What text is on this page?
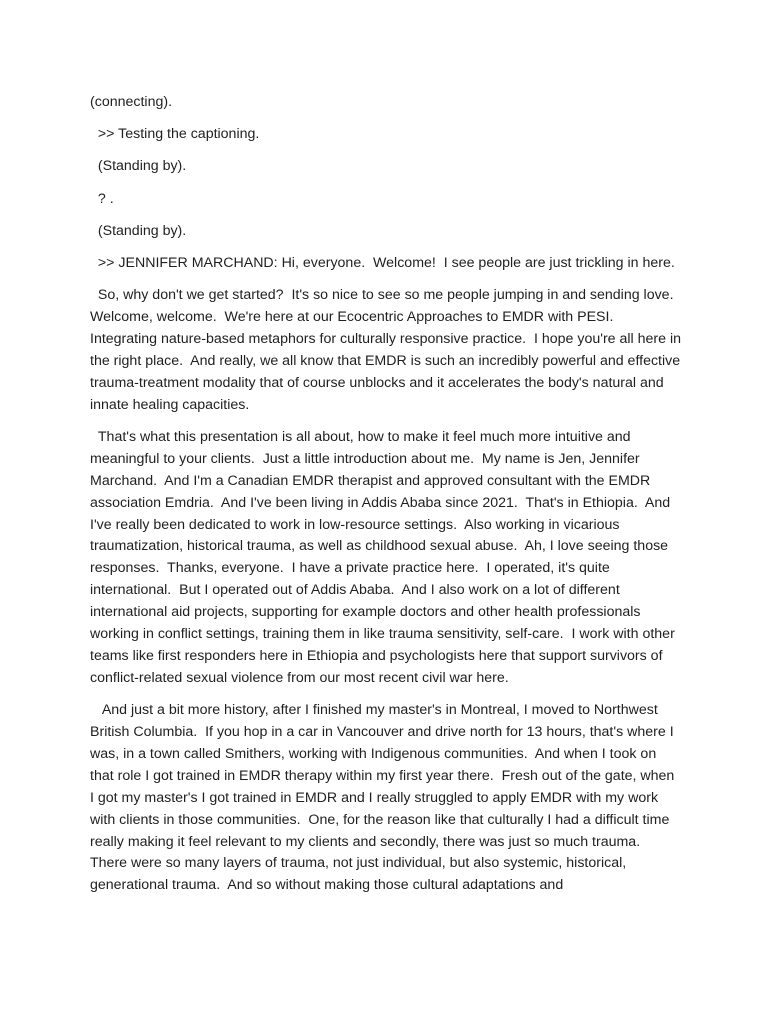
(connecting).

>> Testing the captioning.

(Standing by).

? .

(Standing by).

>> JENNIFER MARCHAND: Hi, everyone.  Welcome!  I see people are just trickling in here.

So, why don't we get started?  It's so nice to see so me people jumping in and sending love.  Welcome, welcome.  We're here at our Ecocentric Approaches to EMDR with PESI.  Integrating nature-based metaphors for culturally responsive practice.  I hope you're all here in the right place.  And really, we all know that EMDR is such an incredibly powerful and effective trauma-treatment modality that of course unblocks and it accelerates the body's natural and innate healing capacities.

That's what this presentation is all about, how to make it feel much more intuitive and meaningful to your clients.  Just a little introduction about me.  My name is Jen, Jennifer Marchand.  And I'm a Canadian EMDR therapist and approved consultant with the EMDR association Emdria.  And I've been living in Addis Ababa since 2021.  That's in Ethiopia.  And I've really been dedicated to work in low-resource settings.  Also working in vicarious traumatization, historical trauma, as well as childhood sexual abuse.  Ah, I love seeing those responses.  Thanks, everyone.  I have a private practice here.  I operated, it's quite international.  But I operated out of Addis Ababa.  And I also work on a lot of different international aid projects, supporting for example doctors and other health professionals working in conflict settings, training them in like trauma sensitivity, self-care.  I work with other teams like first responders here in Ethiopia and psychologists here that support survivors of conflict-related sexual violence from our most recent civil war here.

And just a bit more history, after I finished my master's in Montreal, I moved to Northwest British Columbia.  If you hop in a car in Vancouver and drive north for 13 hours, that's where I was, in a town called Smithers, working with Indigenous communities.  And when I took on that role I got trained in EMDR therapy within my first year there.  Fresh out of the gate, when I got my master's I got trained in EMDR and I really struggled to apply EMDR with my work with clients in those communities.  One, for the reason like that culturally I had a difficult time really making it feel relevant to my clients and secondly, there was just so much trauma.  There were so many layers of trauma, not just individual, but also systemic, historical, generational trauma.  And so without making those cultural adaptations and
